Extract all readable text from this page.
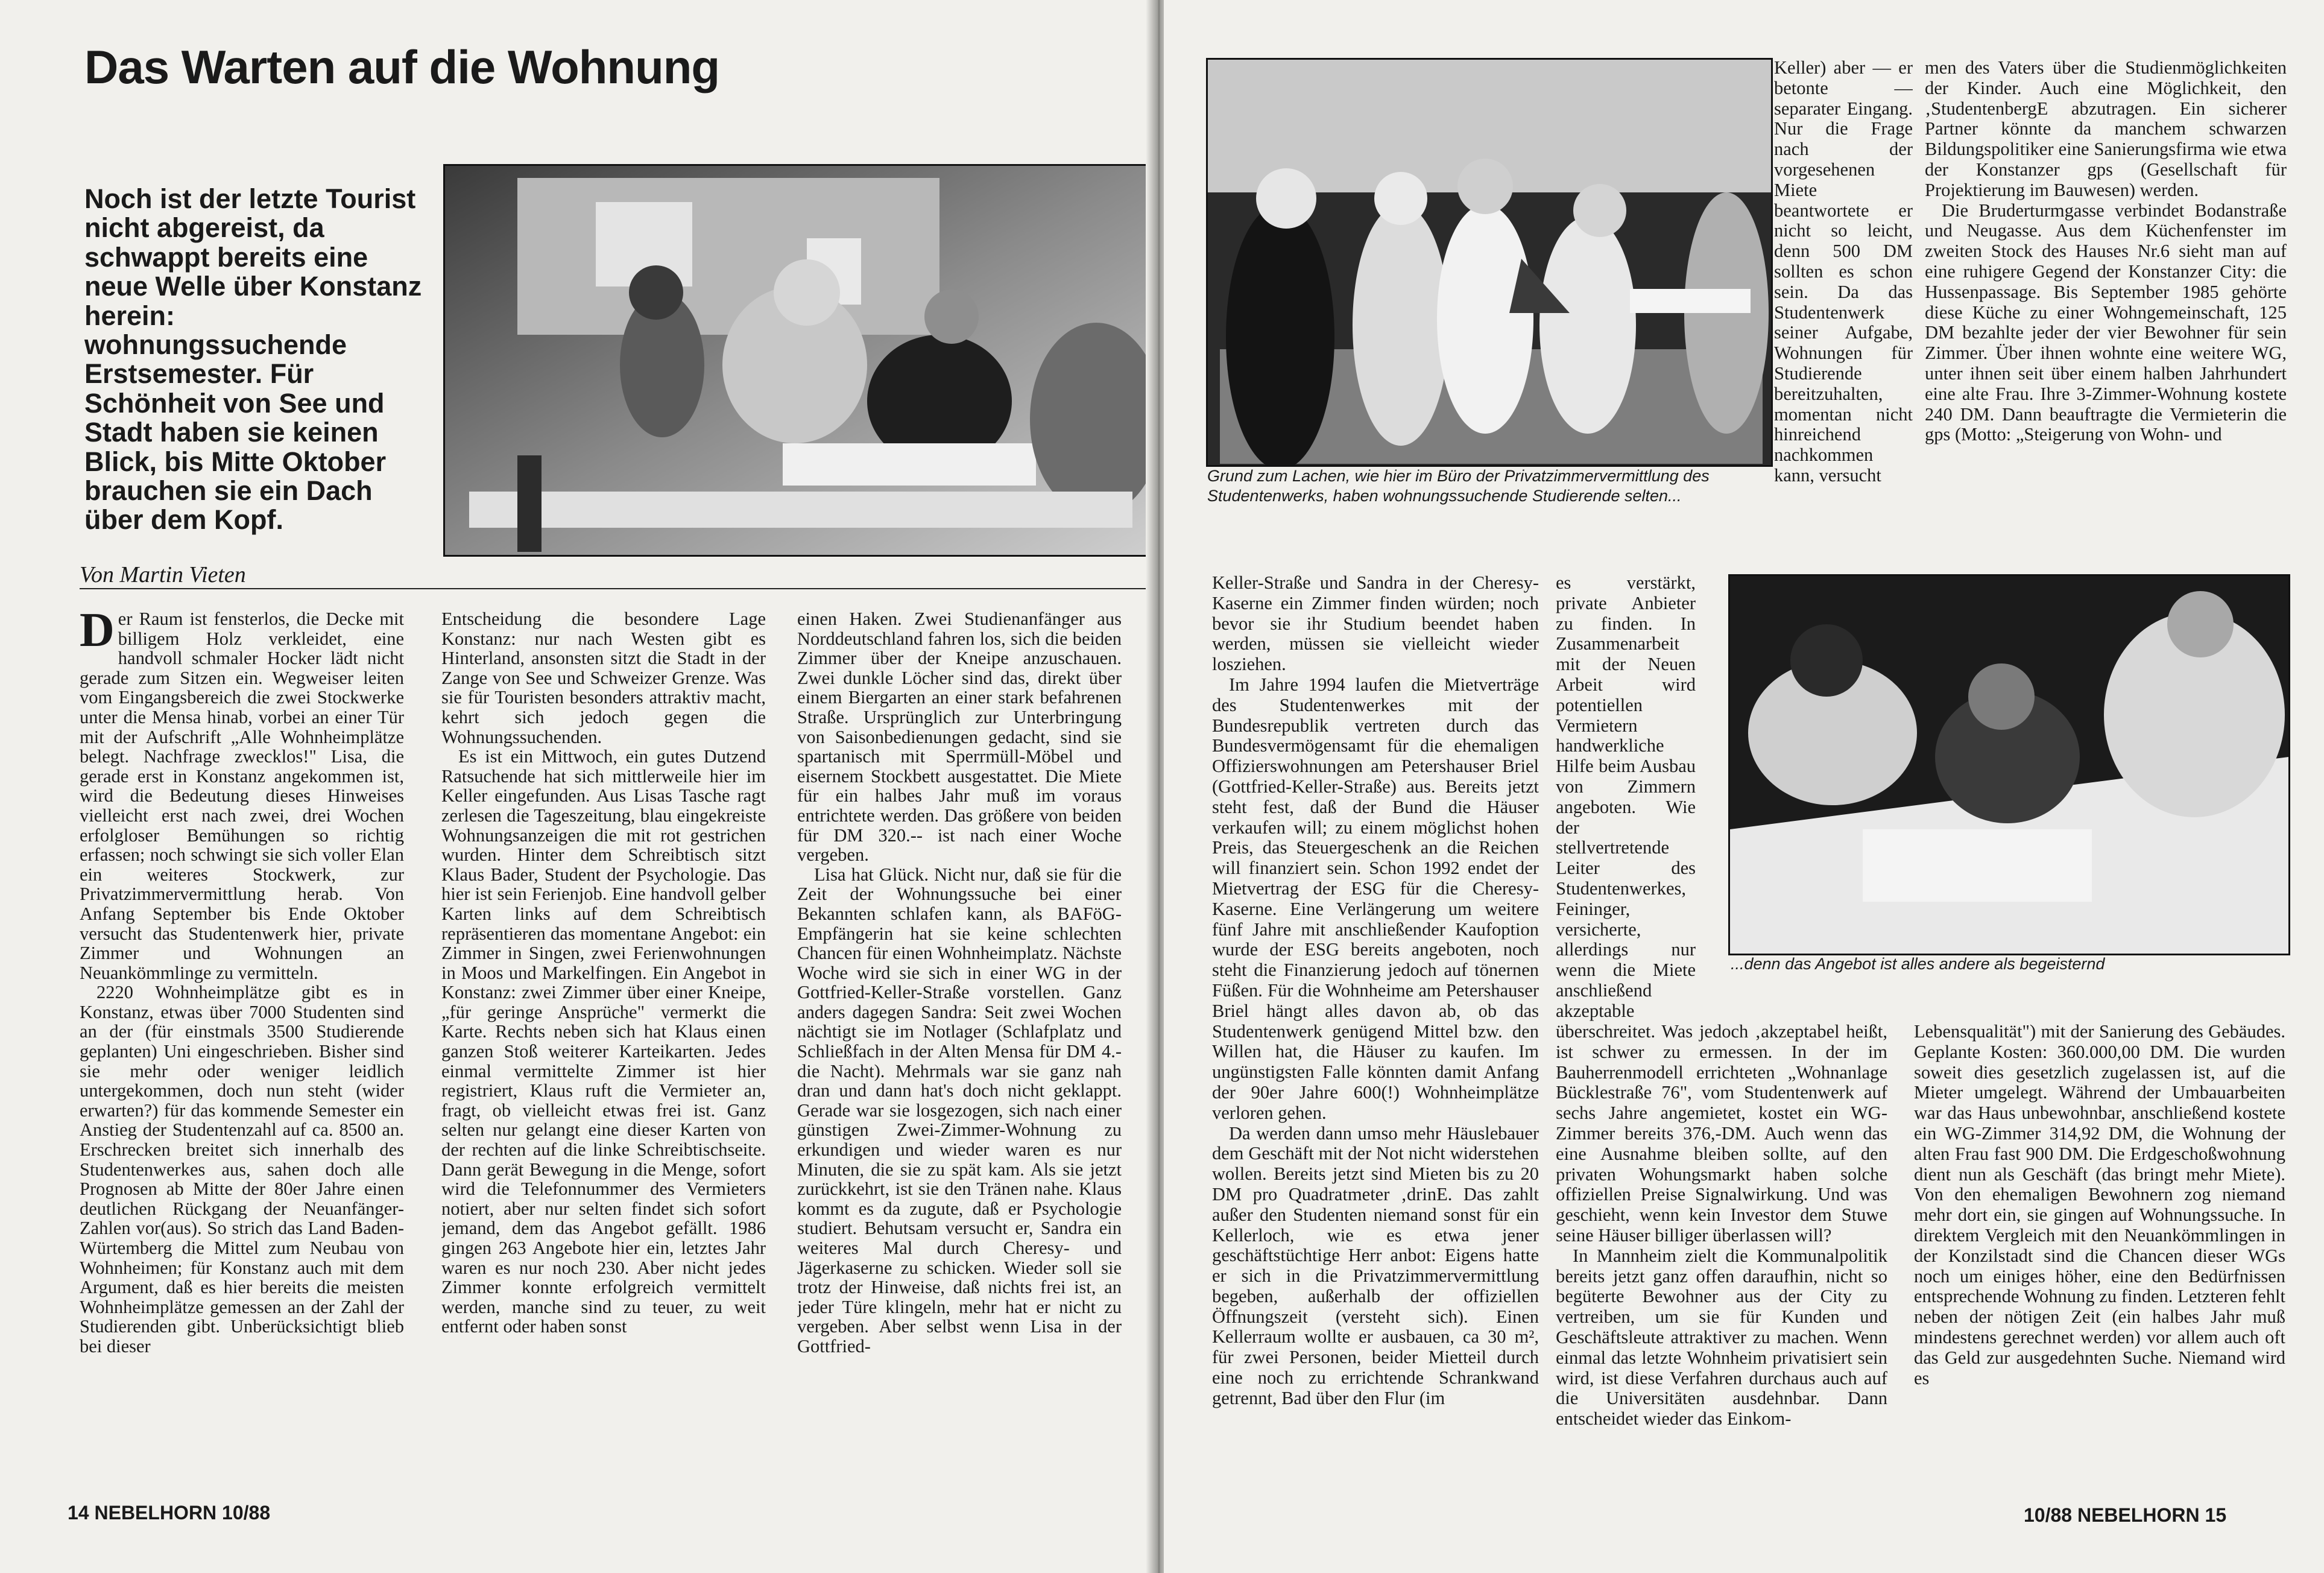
Das Warten auf die Wohnung

Noch ist der letzte Tourist nicht abgereist, da schwappt bereits eine neue Welle über Konstanz herein: wohnungssuchende Erstsemester. Für Schönheit von See und Stadt haben sie keinen Blick, bis Mitte Oktober brauchen sie ein Dach über dem Kopf.

Von Martin Vieten

Der Raum ist fensterlos, die Decke mit billigem Holz verkleidet, eine handvoll schmaler Hocker lädt nicht gerade zum Sitzen ein. Wegweiser leiten vom Eingangsbereich die zwei Stockwerke unter die Mensa hinab, vorbei an einer Tür mit der Aufschrift „Alle Wohnheimplätze belegt. Nachfrage zwecklos!" Lisa, die gerade erst in Konstanz angekommen ist, wird die Bedeutung dieses Hinweises vielleicht erst nach zwei, drei Wochen erfolgloser Bemühungen so richtig erfassen; noch schwingt sie sich voller Elan ein weiteres Stockwerk, zur Privatzimmervermittlung herab. Von Anfang September bis Ende Oktober versucht das Studentenwerk hier, private Zimmer und Wohnungen an Neuankömmlinge zu vermitteln.

2220 Wohnheimplätze gibt es in Konstanz, etwas über 7000 Studenten sind an der (für einstmals 3500 Studierende geplanten) Uni eingeschrieben. Bisher sind sie mehr oder weniger leidlich untergekommen, doch nun steht (wider erwarten?) für das kommende Semester ein Anstieg der Studentenzahl auf ca. 8500 an. Erschrecken breitet sich innerhalb des Studentenwerkes aus, sahen doch alle Prognosen ab Mitte der 80er Jahre einen deutlichen Rückgang der Neuanfänger-Zahlen vor(aus). So strich das Land Baden-Würtemberg die Mittel zum Neubau von Wohnheimen; für Konstanz auch mit dem Argument, daß es hier bereits die meisten Wohnheimplätze gemessen an der Zahl der Studierenden gibt. Unberücksichtigt blieb bei dieser

Entscheidung die besondere Lage Konstanz: nur nach Westen gibt es Hinterland, ansonsten sitzt die Stadt in der Zange von See und Schweizer Grenze. Was sie für Touristen besonders attraktiv macht, kehrt sich jedoch gegen die Wohnungssuchenden.

Es ist ein Mittwoch, ein gutes Dutzend Ratsuchende hat sich mittlerweile hier im Keller eingefunden. Aus Lisas Tasche ragt zerlesen die Tageszeitung, blau eingekreiste Wohnungsanzeigen die mit rot gestrichen wurden. Hinter dem Schreibtisch sitzt Klaus Bader, Student der Psychologie. Das hier ist sein Ferienjob. Eine handvoll gelber Karten links auf dem Schreibtisch repräsentieren das momentane Angebot: ein Zimmer in Singen, zwei Ferienwohnungen in Moos und Markelfingen. Ein Angebot in Konstanz: zwei Zimmer über einer Kneipe, „für geringe Ansprüche" vermerkt die Karte. Rechts neben sich hat Klaus einen ganzen Stoß weiterer Karteikarten. Jedes einmal vermittelte Zimmer ist hier registriert, Klaus ruft die Vermieter an, fragt, ob vielleicht etwas frei ist. Ganz selten nur gelangt eine dieser Karten von der rechten auf die linke Schreibtischseite. Dann gerät Bewegung in die Menge, sofort wird die Telefonnummer des Vermieters notiert, aber nur selten findet sich sofort jemand, dem das Angebot gefällt. 1986 gingen 263 Angebote hier ein, letztes Jahr waren es nur noch 230. Aber nicht jedes Zimmer konnte erfolgreich vermittelt werden, manche sind zu teuer, zu weit entfernt oder haben sonst

einen Haken. Zwei Studienanfänger aus Norddeutschland fahren los, sich die beiden Zimmer über der Kneipe anzuschauen. Zwei dunkle Löcher sind das, direkt über einem Biergarten an einer stark befahrenen Straße. Ursprünglich zur Unterbringung von Saisonbedienungen gedacht, sind sie spartanisch mit Sperrmüll-Möbel und eisernem Stockbett ausgestattet. Die Miete für ein halbes Jahr muß im voraus entrichtete werden. Das größere von beiden für DM 320.-- ist nach einer Woche vergeben.

Lisa hat Glück. Nicht nur, daß sie für die Zeit der Wohnungssuche bei einer Bekannten schlafen kann, als BAFöG-Empfängerin hat sie keine schlechten Chancen für einen Wohnheimplatz. Nächste Woche wird sie sich in einer WG in der Gottfried-Keller-Straße vorstellen. Ganz anders dagegen Sandra: Seit zwei Wochen nächtigt sie im Notlager (Schlafplatz und Schließfach in der Alten Mensa für DM 4.- die Nacht). Mehrmals war sie ganz nah dran und dann hat's doch nicht geklappt. Gerade war sie losgezogen, sich nach einer günstigen Zwei-Zimmer-Wohnung zu erkundigen und wieder waren es nur Minuten, die sie zu spät kam. Als sie jetzt zurückkehrt, ist sie den Tränen nahe. Klaus kommt es da zugute, daß er Psychologie studiert. Behutsam versucht er, Sandra ein weiteres Mal durch Cheresy- und Jägerkaserne zu schicken. Wieder soll sie trotz der Hinweise, daß nichts frei ist, an jeder Türe klingeln, mehr hat er nicht zu vergeben. Aber selbst wenn Lisa in der Gottfried-

14 NEBELHORN 10/88

Grund zum Lachen, wie hier im Büro der Privatzimmervermittlung des Studentenwerks, haben wohnungssuchende Studierende selten...

Keller) aber — er betonte — separater Eingang. Nur die Frage nach der vorgesehenen Miete beantwortete er nicht so leicht, denn 500 DM sollten es schon sein. Da das Studentenwerk seiner Aufgabe, Wohnungen für Studierende bereitzuhalten, momentan nicht hinreichend nachkommen kann, versucht

men des Vaters über die Studienmöglichkeiten der Kinder. Auch eine Möglichkeit, den ‚StudentenbergE abzutragen. Ein sicherer Partner könnte da manchem schwarzen Bildungspolitiker eine Sanierungsfirma wie etwa der Konstanzer gps (Gesellschaft für Projektierung im Bauwesen) werden.

Die Bruderturmgasse verbindet Bodanstraße und Neugasse. Aus dem Küchenfenster im zweiten Stock des Hauses Nr.6 sieht man auf eine ruhigere Gegend der Konstanzer City: die Hussenpassage. Bis September 1985 gehörte diese Küche zu einer Wohngemeinschaft, 125 DM bezahlte jeder der vier Bewohner für sein Zimmer. Über ihnen wohnte eine weitere WG, unter ihnen seit über einem halben Jahrhundert eine alte Frau. Ihre 3-Zimmer-Wohnung kostete 240 DM. Dann beauftragte die Vermieterin die gps (Motto: „Steigerung von Wohn- und

Keller-Straße und Sandra in der Cheresy-Kaserne ein Zimmer finden würden; noch bevor sie ihr Studium beendet haben werden, müssen sie vielleicht wieder losziehen.

Im Jahre 1994 laufen die Mietverträge des Studentenwerkes mit der Bundesrepublik vertreten durch das Bundesvermögensamt für die ehemaligen Offizierswohnungen am Petershauser Briel (Gottfried-Keller-Straße) aus. Bereits jetzt steht fest, daß der Bund die Häuser verkaufen will; zu einem möglichst hohen Preis, das Steuergeschenk an die Reichen will finanziert sein. Schon 1992 endet der Mietvertrag der ESG für die Cheresy-Kaserne. Eine Verlängerung um weitere fünf Jahre mit anschließender Kaufoption wurde der ESG bereits angeboten, noch steht die Finanzierung jedoch auf tönernen Füßen. Für die Wohnheime am Petershauser Briel hängt alles davon ab, ob das Studentenwerk genügend Mittel bzw. den Willen hat, die Häuser zu kaufen. Im ungünstigsten Falle könnten damit Anfang der 90er Jahre 600(!) Wohnheimplätze verloren gehen.

Da werden dann umso mehr Häuslebauer dem Geschäft mit der Not nicht widerstehen wollen. Bereits jetzt sind Mieten bis zu 20 DM pro Quadratmeter ‚drinE. Das zahlt außer den Studenten niemand sonst für ein Kellerloch, wie es etwa jener geschäftstüchtige Herr anbot: Eigens hatte er sich in die Privatzimmervermittlung begeben, außerhalb der offiziellen Öffnungszeit (versteht sich). Einen Kellerraum wollte er ausbauen, ca 30 m², für zwei Personen, beider Mietteil durch eine noch zu errichtende Schrankwand getrennt, Bad über den Flur (im

es verstärkt, private Anbieter zu finden. In Zusammenarbeit mit der Neuen Arbeit wird potentiellen Vermietern handwerkliche Hilfe beim Ausbau von Zimmern angeboten. Wie der stellvertretende Leiter des Studentenwerkes, Feininger, versicherte, allerdings nur wenn die Miete anschließend akzeptable

...denn das Angebot ist alles andere als begeisternd

überschreitet. Was jedoch ‚akzeptabel heißt, ist schwer zu ermessen. In der im Bauherrenmodell errichteten „Wohnanlage Bücklestraße 76", vom Studentenwerk auf sechs Jahre angemietet, kostet ein WG-Zimmer bereits 376,-DM. Auch wenn das eine Ausnahme bleiben sollte, auf den privaten Wohungsmarkt haben solche offiziellen Preise Signalwirkung. Und was geschieht, wenn kein Investor dem Stuwe seine Häuser billiger überlassen will?

In Mannheim zielt die Kommunalpolitik bereits jetzt ganz offen daraufhin, nicht so begüterte Bewohner aus der City zu vertreiben, um sie für Kunden und Geschäftsleute attraktiver zu machen. Wenn einmal das letzte Wohnheim privatisiert sein wird, ist diese Verfahren durchaus auch auf die Universitäten ausdehnbar. Dann entscheidet wieder das Einkom-

Lebensqualität") mit der Sanierung des Gebäudes. Geplante Kosten: 360.000,00 DM. Die wurden soweit dies gesetzlich zugelassen ist, auf die Mieter umgelegt. Während der Umbauarbeiten war das Haus unbewohnbar, anschließend kostete ein WG-Zimmer 314,92 DM, die Wohnung der alten Frau fast 900 DM. Die Erdgeschoßwohnung dient nun als Geschäft (das bringt mehr Miete). Von den ehemaligen Bewohnern zog niemand mehr dort ein, sie gingen auf Wohnungssuche. In direktem Vergleich mit den Neuankömmlingen in der Konzilstadt sind die Chancen dieser WGs noch um einiges höher, eine den Bedürfnissen entsprechende Wohnung zu finden. Letzteren fehlt neben der nötigen Zeit (ein halbes Jahr muß mindestens gerechnet werden) vor allem auch oft das Geld zur ausgedehnten Suche. Niemand wird es

10/88 NEBELHORN 15
